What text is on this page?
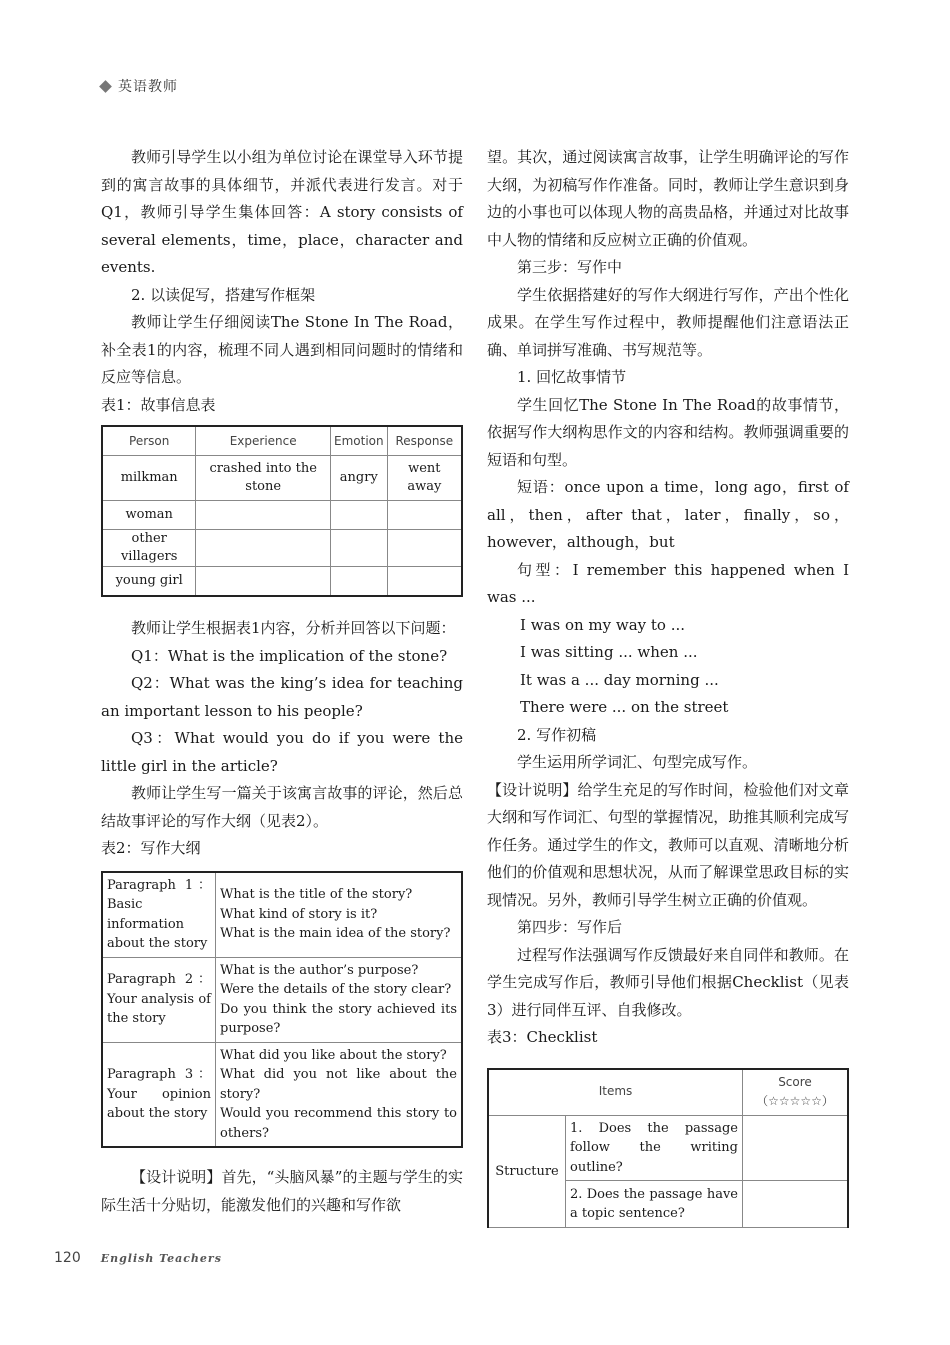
英语教师

教师引导学生以小组为单位讨论在课堂导入环节提到的寓言故事的具体细节，并派代表进行发言。对于Q1，教师引导学生集体回答：A story consists of several elements，time，place，character and events.

2. 以读促写，搭建写作框架

教师让学生仔细阅读The Stone In The Road，补全表1的内容，梳理不同人遇到相同问题时的情绪和反应等信息。

表1：故事信息表

Person	Experience	Emotion	Response
milkman	crashed into the stone	angry	went away
woman			
other villagers			
young girl			

教师让学生根据表1内容，分析并回答以下问题：

Q1：What is the implication of the stone?

Q2：What was the king’s idea for teaching an important lesson to his people?

Q3：What would you do if you were the little girl in the article?

教师让学生写一篇关于该寓言故事的评论，然后总结故事评论的写作大纲（见表2）。

表2：写作大纲

Paragraph 1：Basic information about the story	What is the title of the story?
What kind of story is it?
What is the main idea of the story?

Paragraph 2：Your analysis of the story	What is the author’s purpose?
Were the details of the story clear?
Do you think the story achieved its purpose?

Paragraph 3：Your opinion about the story	What did you like about the story?
What did you not like about the story?
Would you recommend this story to others?

【设计说明】首先，“头脑风暴”的主题与学生的实际生活十分贴切，能激发他们的兴趣和写作欲

望。其次，通过阅读寓言故事，让学生明确评论的写作大纲，为初稿写作作准备。同时，教师让学生意识到身边的小事也可以体现人物的高贵品格，并通过对比故事中人物的情绪和反应树立正确的价值观。

第三步：写作中

学生依据搭建好的写作大纲进行写作，产出个性化成果。在学生写作过程中，教师提醒他们注意语法正确、单词拼写准确、书写规范等。

1. 回忆故事情节

学生回忆The Stone In The Road的故事情节，依据写作大纲构思作文的内容和结构。教师强调重要的短语和句型。

短语：once upon a time，long ago，first of all，then，after that，later，finally，so，however，although，but

句型：I remember this happened when I was ...

I was on my way to ...

I was sitting ... when ...

It was a ... day morning ...

There were ... on the street

2. 写作初稿

学生运用所学词汇、句型完成写作。

【设计说明】给学生充足的写作时间，检验他们对文章大纲和写作词汇、句型的掌握情况，助推其顺利完成写作任务。通过学生的作文，教师可以直观、清晰地分析他们的价值观和思想状况，从而了解课堂思政目标的实现情况。另外，教师引导学生树立正确的价值观。

第四步：写作后

过程写作法强调写作反馈最好来自同伴和教师。在学生完成写作后，教师引导他们根据Checklist（见表3）进行同伴互评、自我修改。

表3：Checklist

Items		Score
（☆☆☆☆☆）

Structure	1. Does the passage follow the writing outline?	
	2. Does the passage have a topic sentence?	
120 English Teachers
